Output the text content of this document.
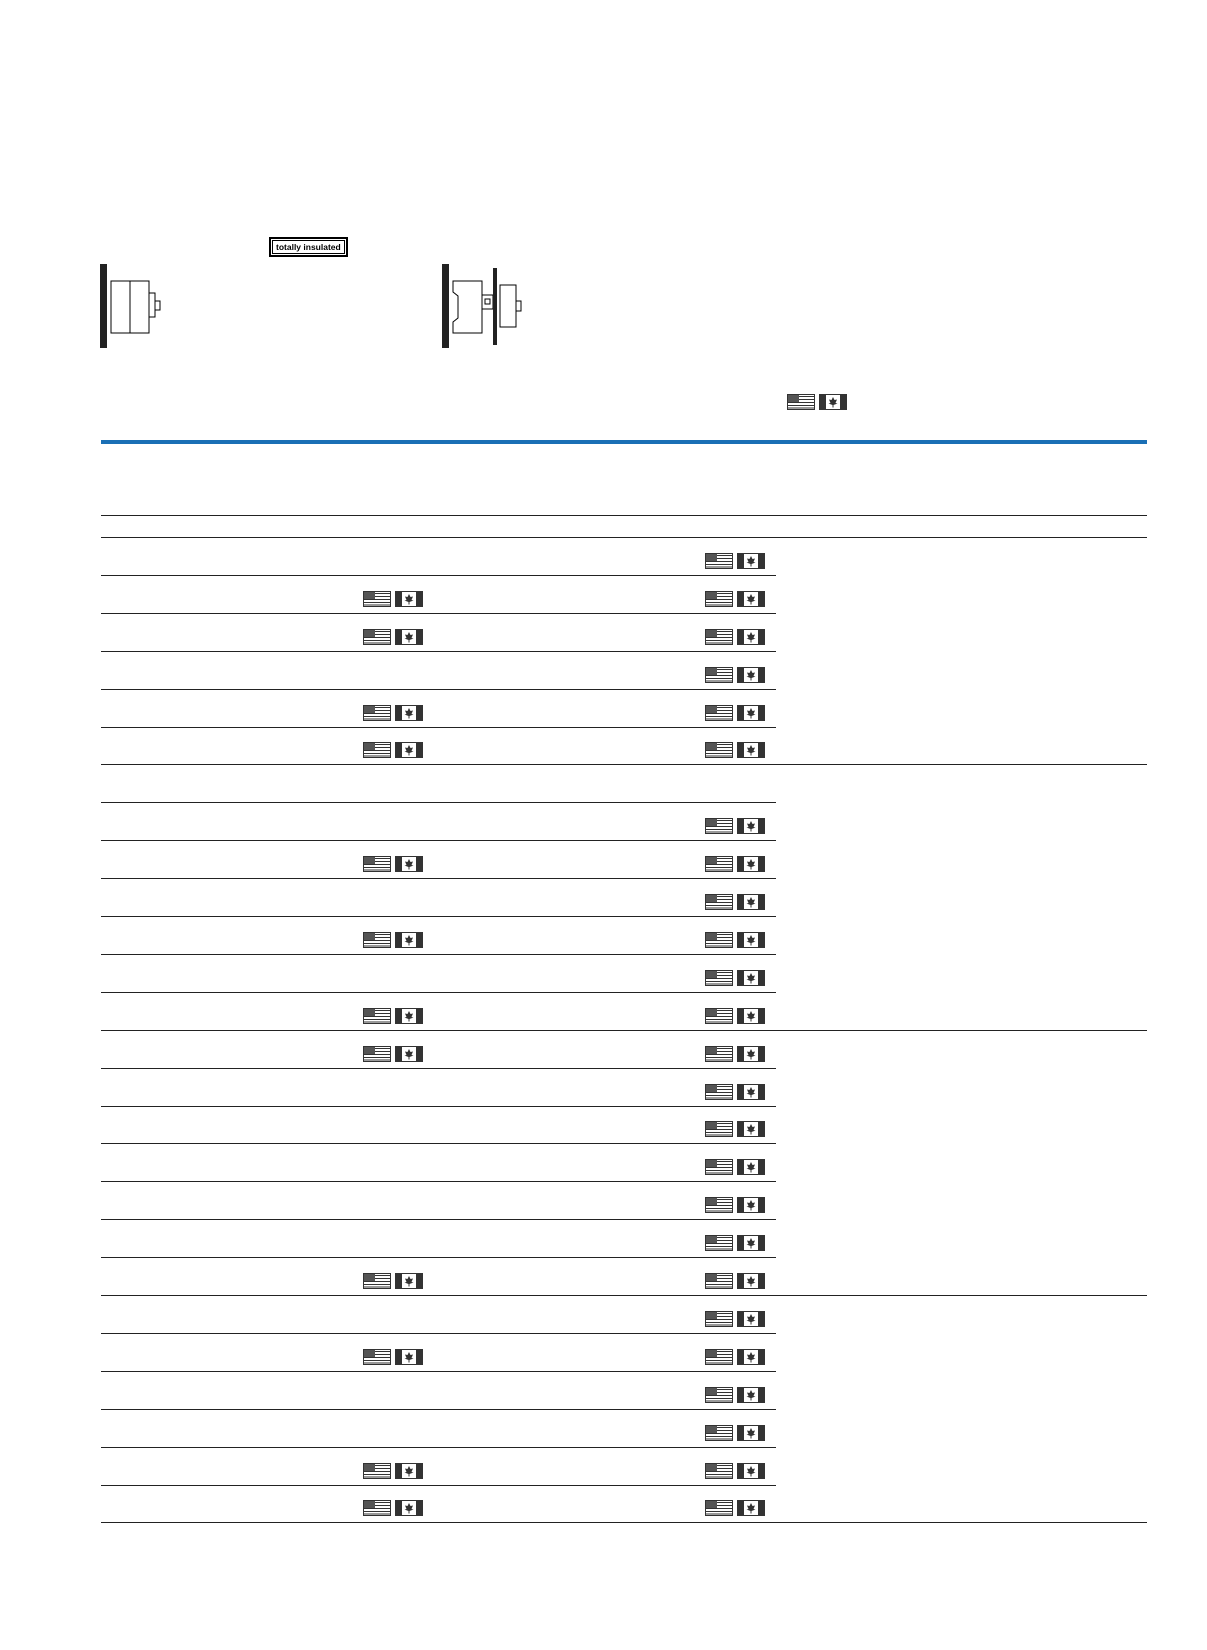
totally insulated
